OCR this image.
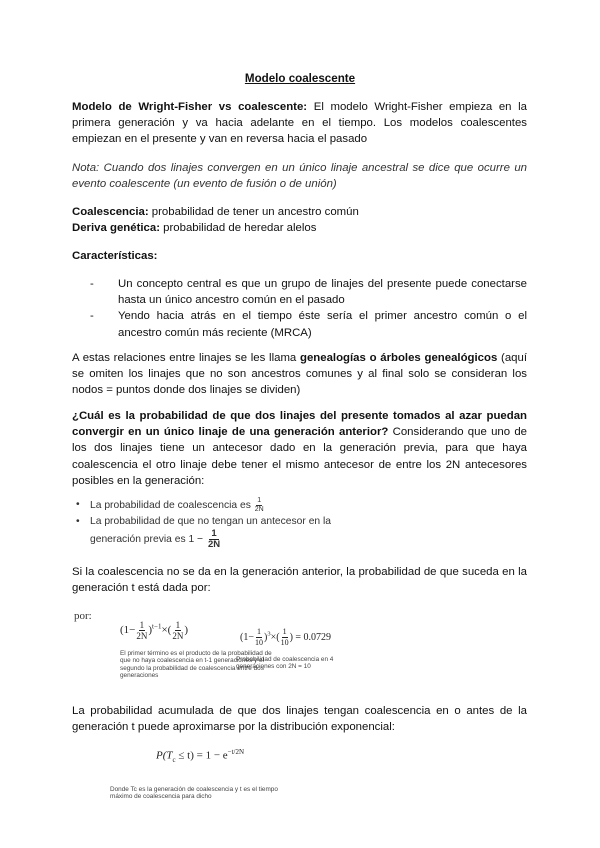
Modelo coalescente

Modelo de Wright-Fisher vs coalescente: El modelo Wright-Fisher empieza en la primera generación y va hacia adelante en el tiempo. Los modelos coalescentes empiezan en el presente y van en reversa hacia el pasado

Nota: Cuando dos linajes convergen en un único linaje ancestral se dice que ocurre un evento coalescente (un evento de fusión o de unión)

Coalescencia: probabilidad de tener un ancestro común
Deriva genética: probabilidad de heredar alelos
Características:
-	Un concepto central es que un grupo de linajes del presente puede conectarse hasta un único ancestro común en el pasado
-	Yendo hacia atrás en el tiempo éste sería el primer ancestro común o el ancestro común más reciente (MRCA)

A estas relaciones entre linajes se les llama genealogías o árboles genealógicos (aquí se omiten los linajes que no son ancestros comunes y al final solo se consideran los nodos = puntos donde dos linajes se dividen)

¿Cuál es la probabilidad de que dos linajes del presente tomados al azar puedan convergir en un único linaje de una generación anterior? Considerando que uno de los dos linajes tiene un antecesor dado en la generación previa, para que haya coalescencia el otro linaje debe tener el mismo antecesor de entre los 2N antecesores posibles en la generación:

•	La probabilidad de coalescencia es $\frac{1}{2N}$
•	La probabilidad de que no tengan un antecesor en la
generación previa es $1 - \frac{1}{2N}$

Si la coalescencia no se da en la generación anterior, la probabilidad de que suceda en la generación t está dada por:

por:
$(1- \frac{1}{2N} )^{t-1}\times( \frac{1}{2N}$ )
El primer término es el producto de la probabilidad de que no haya coalescencia en t-1 generaciones y el segundo la probabilidad de coalescencia entre dos generaciones
$(1- \frac{1}{10} )^3\times( \frac{1}{10}$ ) = 0.0729
Probabilidad de coalescencia en 4 generaciones con 2N = 10

La probabilidad acumulada de que dos linajes tengan coalescencia en o antes de la generación t puede aproximarse por la distribución exponencial:

$P(T_c \le t) = 1 - e^{-t/2N}$
Donde Tc es la generación de coalescencia y t es el tiempo máximo de coalescencia para dicho
